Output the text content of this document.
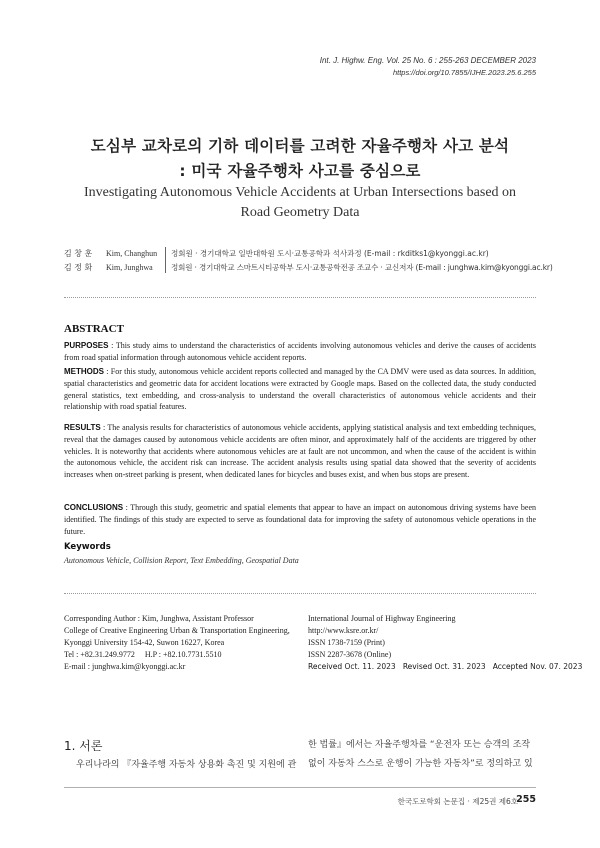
Int. J. Highw. Eng. Vol. 25 No. 6 : 255-263 DECEMBER 2023
https://doi.org/10.7855/IJHE.2023.25.6.255
도심부 교차로의 기하 데이터를 고려한 자율주행차 사고 분석
: 미국 자율주행차 사고를 중심으로
Investigating Autonomous Vehicle Accidents at Urban Intersections based on
Road Geometry Data
김 창 훈 Kim, Changhun 정회원 · 경기대학교 일반대학원 도시·교통공학과 석사과정 (E-mail : rkditks1@kyonggi.ac.kr)
김 정 화 Kim, Junghwa 정회원 · 경기대학교 스마트시티공학부 도시·교통공학전공 조교수 · 교신저자 (E-mail : junghwa.kim@kyonggi.ac.kr)
ABSTRACT
PURPOSES : This study aims to understand the characteristics of accidents involving autonomous vehicles and derive the causes of accidents from road spatial information through autonomous vehicle accident reports.
METHODS : For this study, autonomous vehicle accident reports collected and managed by the CA DMV were used as data sources. In addition, spatial characteristics and geometric data for accident locations were extracted by Google maps. Based on the collected data, the study conducted general statistics, text embedding, and cross-analysis to understand the overall characteristics of autonomous vehicle accidents and their relationship with road spatial features.
RESULTS : The analysis results for characteristics of autonomous vehicle accidents, applying statistical analysis and text embedding techniques, reveal that the damages caused by autonomous vehicle accidents are often minor, and approximately half of the accidents are triggered by other vehicles. It is noteworthy that accidents where autonomous vehicles are at fault are not uncommon, and when the cause of the accident is within the autonomous vehicle, the accident risk can increase. The accident analysis results using spatial data showed that the severity of accidents increases when on-street parking is present, when dedicated lanes for bicycles and buses exist, and when bus stops are present.
CONCLUSIONS : Through this study, geometric and spatial elements that appear to have an impact on autonomous driving systems have been identified. The findings of this study are expected to serve as foundational data for improving the safety of autonomous vehicle operations in the future.
Keywords
Autonomous Vehicle, Collision Report, Text Embedding, Geospatial Data
Corresponding Author : Kim, Junghwa, Assistant Professor
College of Creative Engineering Urban & Transportation Engineering,
Kyonggi University 154-42, Suwon 16227, Korea
Tel : +82.31.249.9772     H.P : +82.10.7731.5510
E-mail : junghwa.kim@kyonggi.ac.kr
International Journal of Highway Engineering
http://www.ksre.or.kr/
ISSN 1738-7159 (Print)
ISSN 2287-3678 (Online)
Received Oct. 11. 2023 Revised Oct. 31. 2023 Accepted Nov. 07. 2023
1. 서론
우리나라의 『자율주행 자동차 상용화 촉진 및 지원에 관
한 법률』에서는 자율주행차를 “운전자 또는 승객의 조작
없이 자동차 스스로 운행이 가능한 자동차”로 정의하고 있
한국도로학회 논문집 · 제25권 제6호
255
